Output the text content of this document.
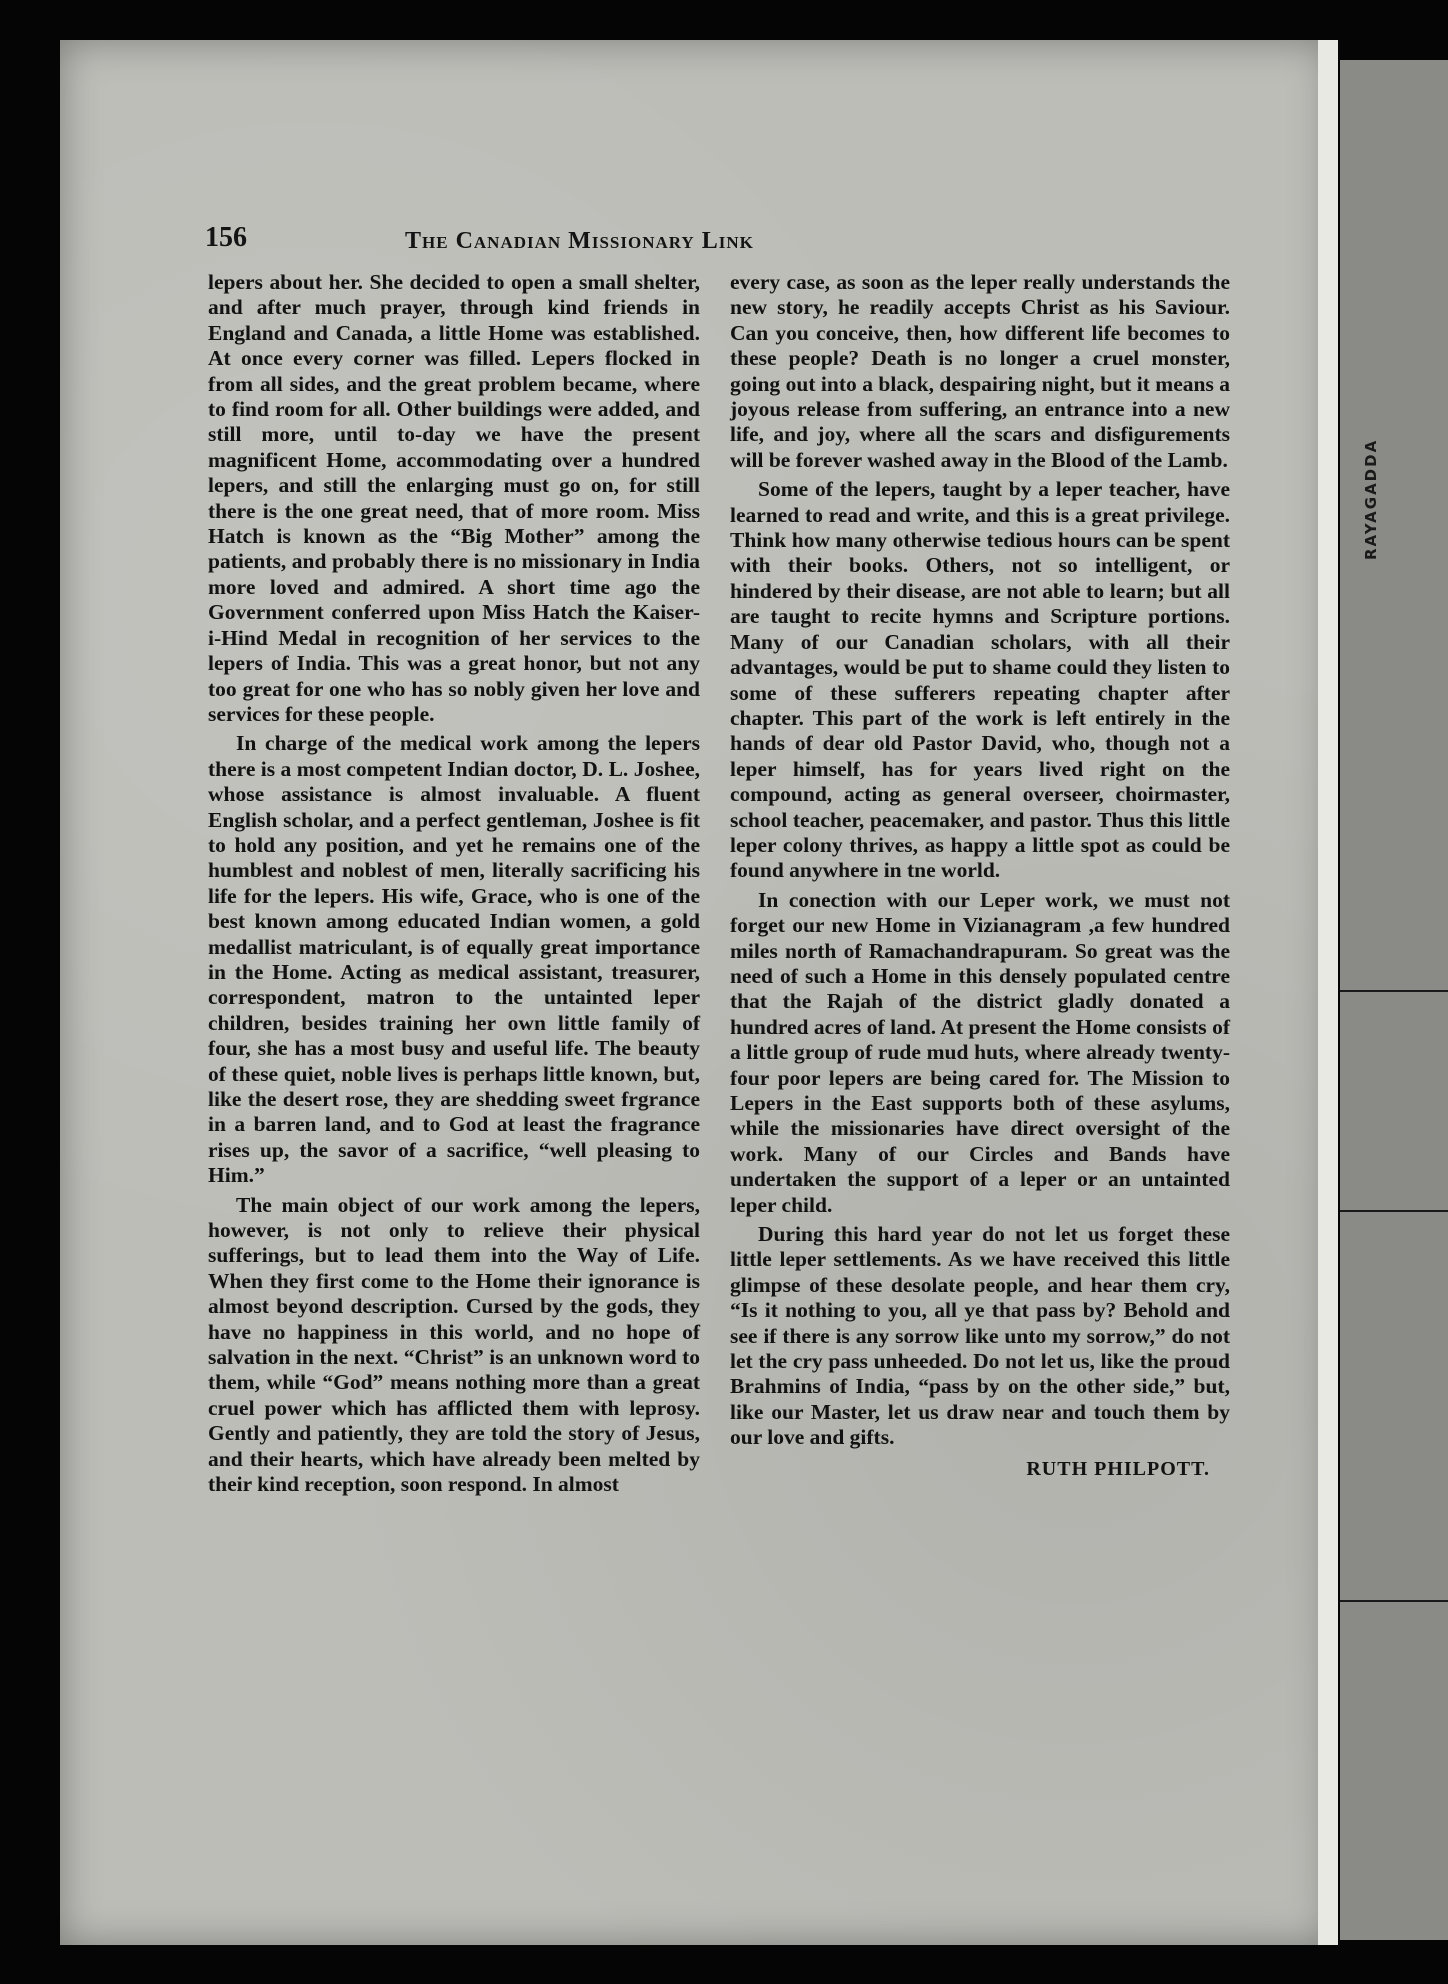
RAYAGADDA
156	The Canadian Missionary Link

lepers about her. She decided to open a small shelter, and after much prayer, through kind friends in England and Canada, a little Home was established. At once every corner was filled. Lepers flocked in from all sides, and the great problem became, where to find room for all. Other buildings were added, and still more, until to-day we have the present magnificent Home, accommodating over a hundred lepers, and still the enlarging must go on, for still there is the one great need, that of more room. Miss Hatch is known as the “Big Mother” among the patients, and probably there is no missionary in India more loved and admired. A short time ago the Government conferred upon Miss Hatch the Kaiser-i-Hind Medal in recognition of her services to the lepers of India. This was a great honor, but not any too great for one who has so nobly given her love and services for these people.

In charge of the medical work among the lepers there is a most competent Indian doctor, D. L. Joshee, whose assistance is almost invaluable. A fluent English scholar, and a perfect gentleman, Joshee is fit to hold any position, and yet he remains one of the humblest and noblest of men, literally sacrificing his life for the lepers. His wife, Grace, who is one of the best known among educated Indian women, a gold medallist matriculant, is of equally great importance in the Home. Acting as medical assistant, treasurer, correspondent, matron to the untainted leper children, besides training her own little family of four, she has a most busy and useful life. The beauty of these quiet, noble lives is perhaps little known, but, like the desert rose, they are shedding sweet frgrance in a barren land, and to God at least the fragrance rises up, the savor of a sacrifice, “well pleasing to Him.”

The main object of our work among the lepers, however, is not only to relieve their physical sufferings, but to lead them into the Way of Life. When they first come to the Home their ignorance is almost beyond description. Cursed by the gods, they have no happiness in this world, and no hope of salvation in the next. “Christ” is an unknown word to them, while “God” means nothing more than a great cruel power which has afflicted them with leprosy. Gently and patiently, they are told the story of Jesus, and their hearts, which have already been melted by their kind reception, soon respond. In almost

every case, as soon as the leper really understands the new story, he readily accepts Christ as his Saviour. Can you conceive, then, how different life becomes to these people? Death is no longer a cruel monster, going out into a black, despairing night, but it means a joyous release from suffering, an entrance into a new life, and joy, where all the scars and disfigurements will be forever washed away in the Blood of the Lamb.

Some of the lepers, taught by a leper teacher, have learned to read and write, and this is a great privilege. Think how many otherwise tedious hours can be spent with their books. Others, not so intelligent, or hindered by their disease, are not able to learn; but all are taught to recite hymns and Scripture portions. Many of our Canadian scholars, with all their advantages, would be put to shame could they listen to some of these sufferers repeating chapter after chapter. This part of the work is left entirely in the hands of dear old Pastor David, who, though not a leper himself, has for years lived right on the compound, acting as general overseer, choirmaster, school teacher, peacemaker, and pastor. Thus this little leper colony thrives, as happy a little spot as could be found anywhere in tne world.

In conection with our Leper work, we must not forget our new Home in Vizianagram ,a few hundred miles north of Ramachandrapuram. So great was the need of such a Home in this densely populated centre that the Rajah of the district gladly donated a hundred acres of land. At present the Home consists of a little group of rude mud huts, where already twenty-four poor lepers are being cared for. The Mission to Lepers in the East supports both of these asylums, while the missionaries have direct oversight of the work. Many of our Circles and Bands have undertaken the support of a leper or an untainted leper child.

During this hard year do not let us forget these little leper settlements. As we have received this little glimpse of these desolate people, and hear them cry, “Is it nothing to you, all ye that pass by? Behold and see if there is any sorrow like unto my sorrow,” do not let the cry pass unheeded. Do not let us, like the proud Brahmins of India, “pass by on the other side,” but, like our Master, let us draw near and touch them by our love and gifts.

RUTH PHILPOTT.
